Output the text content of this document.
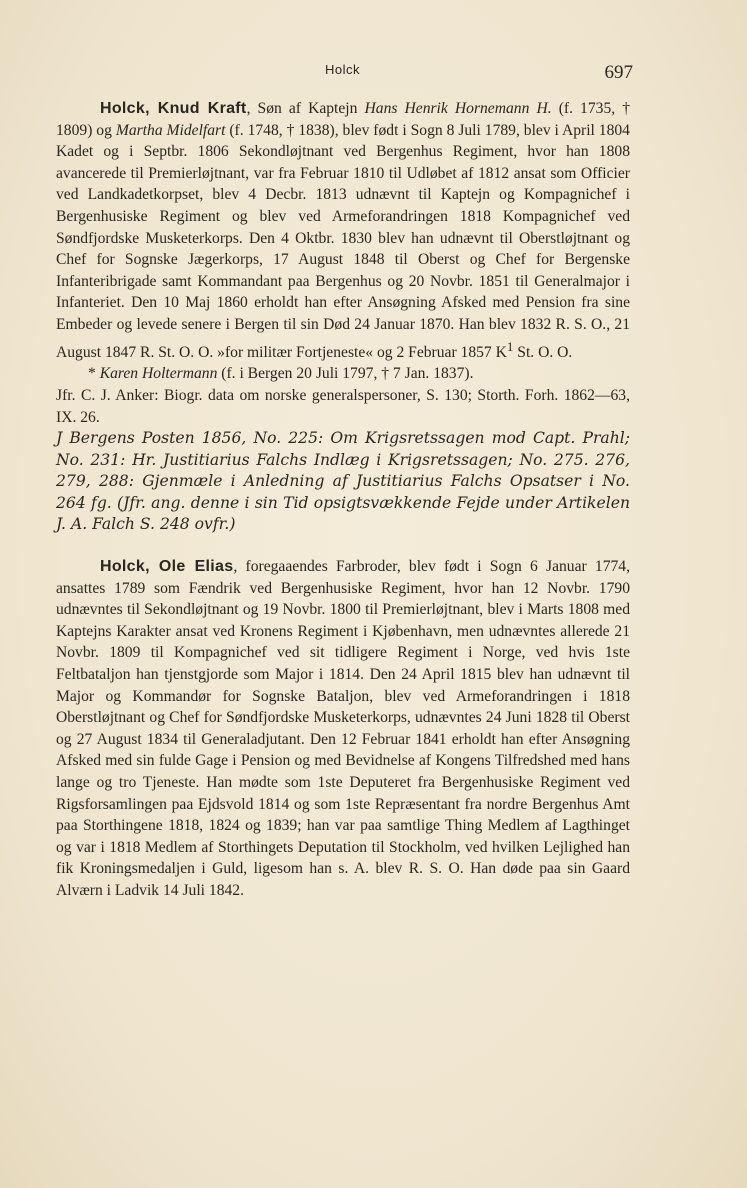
Holck	697

Holck, Knud Kraft, Søn af Kaptejn Hans Henrik Hornemann H. (f. 1735, † 1809) og Martha Midelfart (f. 1748, † 1838), blev født i Sogn 8 Juli 1789, blev i April 1804 Kadet og i Septbr. 1806 Sekondløjtnant ved Bergenhus Regiment, hvor han 1808 avancerede til Premierløjtnant, var fra Februar 1810 til Udløbet af 1812 ansat som Officier ved Landkadetkorpset, blev 4 Decbr. 1813 udnævnt til Kaptejn og Kompagnichef i Bergenhusiske Regiment og blev ved Armeforandringen 1818 Kompagnichef ved Søndfjordske Musketerkorps. Den 4 Oktbr. 1830 blev han udnævnt til Oberstløjtnant og Chef for Sognske Jægerkorps, 17 August 1848 til Oberst og Chef for Bergenske Infanteribrigade samt Kommandant paa Bergenhus og 20 Novbr. 1851 til Generalmajor i Infanteriet. Den 10 Maj 1860 erholdt han efter Ansøgning Afsked med Pension fra sine Embeder og levede senere i Bergen til sin Død 24 Januar 1870. Han blev 1832 R. S. O., 21 August 1847 R. St. O. O. »for militær Fortjeneste« og 2 Februar 1857 $K^1$ St. O. O.

* Karen Holtermann (f. i Bergen 20 Juli 1797, † 7 Jan. 1837).

Jfr. C. J. Anker: Biogr. data om norske generalspersoner, S. 130; Storth. Forh. 1862—63, IX. 26.

J Bergens Posten 1856, No. 225: Om Krigsretssagen mod Capt. Prahl; No. 231: Hr. Justitiarius Falchs Indlæg i Krigsretssagen; No. 275. 276, 279, 288: Gjenmæle i Anledning af Justitiarius Falchs Opsatser i No. 264 fg. (Jfr. ang. denne i sin Tid opsigtsvækkende Fejde under Artikelen J. A. Falch S. 248 ovfr.)

Holck, Ole Elias, foregaaendes Farbroder, blev født i Sogn 6 Januar 1774, ansattes 1789 som Fændrik ved Bergenhusiske Regiment, hvor han 12 Novbr. 1790 udnævntes til Sekondløjtnant og 19 Novbr. 1800 til Premierløjtnant, blev i Marts 1808 med Kaptejns Karakter ansat ved Kronens Regiment i Kjøbenhavn, men udnævntes allerede 21 Novbr. 1809 til Kompagnichef ved sit tidligere Regiment i Norge, ved hvis 1ste Feltbataljon han tjenstgjorde som Major i 1814. Den 24 April 1815 blev han udnævnt til Major og Kommandør for Sognske Bataljon, blev ved Armeforandringen i 1818 Oberstløjtnant og Chef for Søndfjordske Musketerkorps, udnævntes 24 Juni 1828 til Oberst og 27 August 1834 til Generaladjutant. Den 12 Februar 1841 erholdt han efter Ansøgning Afsked med sin fulde Gage i Pension og med Bevidnelse af Kongens Tilfredshed med hans lange og tro Tjeneste. Han mødte som 1ste Deputeret fra Bergenhusiske Regiment ved Rigsforsamlingen paa Ejdsvold 1814 og som 1ste Repræsentant fra nordre Bergenhus Amt paa Storthingene 1818, 1824 og 1839; han var paa samtlige Thing Medlem af Lagthinget og var i 1818 Medlem af Storthingets Deputation til Stockholm, ved hvilken Lejlighed han fik Kroningsmedaljen i Guld, ligesom han s. A. blev R. S. O. Han døde paa sin Gaard Alværn i Ladvik 14 Juli 1842.
